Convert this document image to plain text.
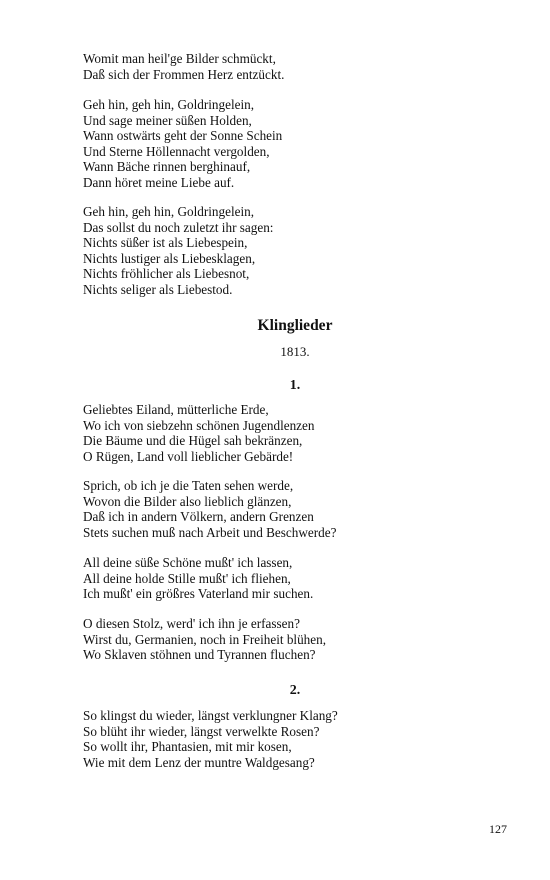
Womit man heil'ge Bilder schmückt,
Daß sich der Frommen Herz entzückt.
Geh hin, geh hin, Goldringelein,
Und sage meiner süßen Holden,
Wann ostwärts geht der Sonne Schein
Und Sterne Höllennacht vergolden,
Wann Bäche rinnen berghinauf,
Dann höret meine Liebe auf.
Geh hin, geh hin, Goldringelein,
Das sollst du noch zuletzt ihr sagen:
Nichts süßer ist als Liebespein,
Nichts lustiger als Liebesklagen,
Nichts fröhlicher als Liebesnot,
Nichts seliger als Liebestod.
Klinglieder
1813.
1.
Geliebtes Eiland, mütterliche Erde,
Wo ich von siebzehn schönen Jugendlenzen
Die Bäume und die Hügel sah bekränzen,
O Rügen, Land voll lieblicher Gebärde!
Sprich, ob ich je die Taten sehen werde,
Wovon die Bilder also lieblich glänzen,
Daß ich in andern Völkern, andern Grenzen
Stets suchen muß nach Arbeit und Beschwerde?
All deine süße Schöne mußt' ich lassen,
All deine holde Stille mußt' ich fliehen,
Ich mußt' ein größres Vaterland mir suchen.
O diesen Stolz, werd' ich ihn je erfassen?
Wirst du, Germanien, noch in Freiheit blühen,
Wo Sklaven stöhnen und Tyrannen fluchen?
2.
So klingst du wieder, längst verklungner Klang?
So blüht ihr wieder, längst verwelkte Rosen?
So wollt ihr, Phantasien, mit mir kosen,
Wie mit dem Lenz der muntre Waldgesang?
127
